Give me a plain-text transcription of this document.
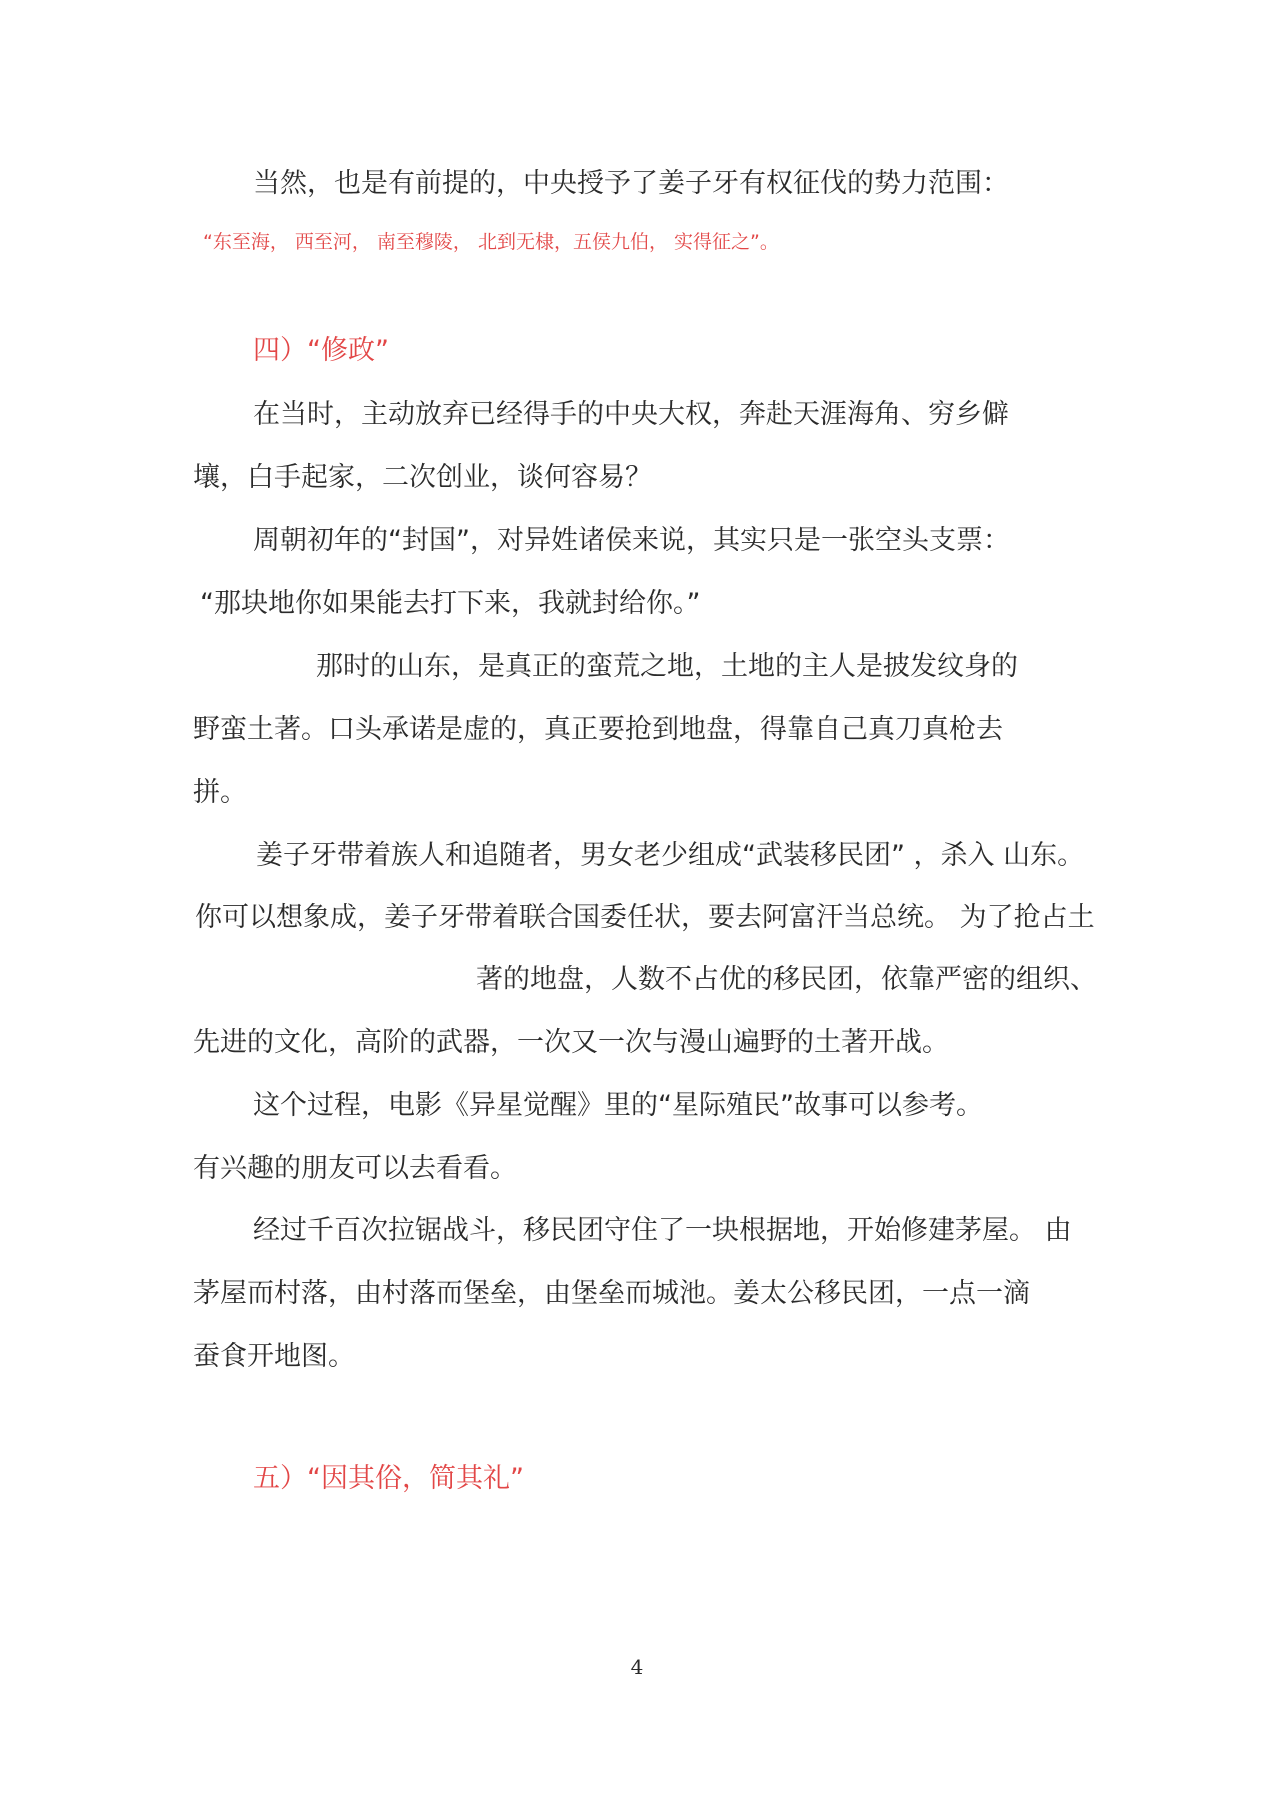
当然，也是有前提的，中央授予了姜子牙有权征伐的势力范围：
“东至海， 西至河， 南至穆陵， 北到无棣，五侯九伯， 实得征之”。
四）“修政”
在当时，主动放弃已经得手的中央大权，奔赴天涯海角、穷乡僻
壤，白手起家，二次创业，谈何容易？
周朝初年的“封国”，对异姓诸侯来说，其实只是一张空头支票：
“那块地你如果能去打下来，我就封给你。”
那时的山东，是真正的蛮荒之地，土地的主人是披发纹身的
野蛮土著。口头承诺是虚的，真正要抢到地盘，得靠自己真刀真枪去
拼。
姜子牙带着族人和追随者，男女老少组成“武装移民团” ，杀入 山东。
你可以想象成，姜子牙带着联合国委任状，要去阿富汗当总统。 为了抢占土
著的地盘，人数不占优的移民团，依靠严密的组织、
先进的文化，高阶的武器，一次又一次与漫山遍野的土著开战。
这个过程，电影《异星觉醒》里的“星际殖民”故事可以参考。
有兴趣的朋友可以去看看。
经过千百次拉锯战斗，移民团守住了一块根据地，开始修建茅屋。 由
茅屋而村落，由村落而堡垒，由堡垒而城池。姜太公移民团，一点一滴
蚕食开地图。
五）“因其俗，简其礼”
4
